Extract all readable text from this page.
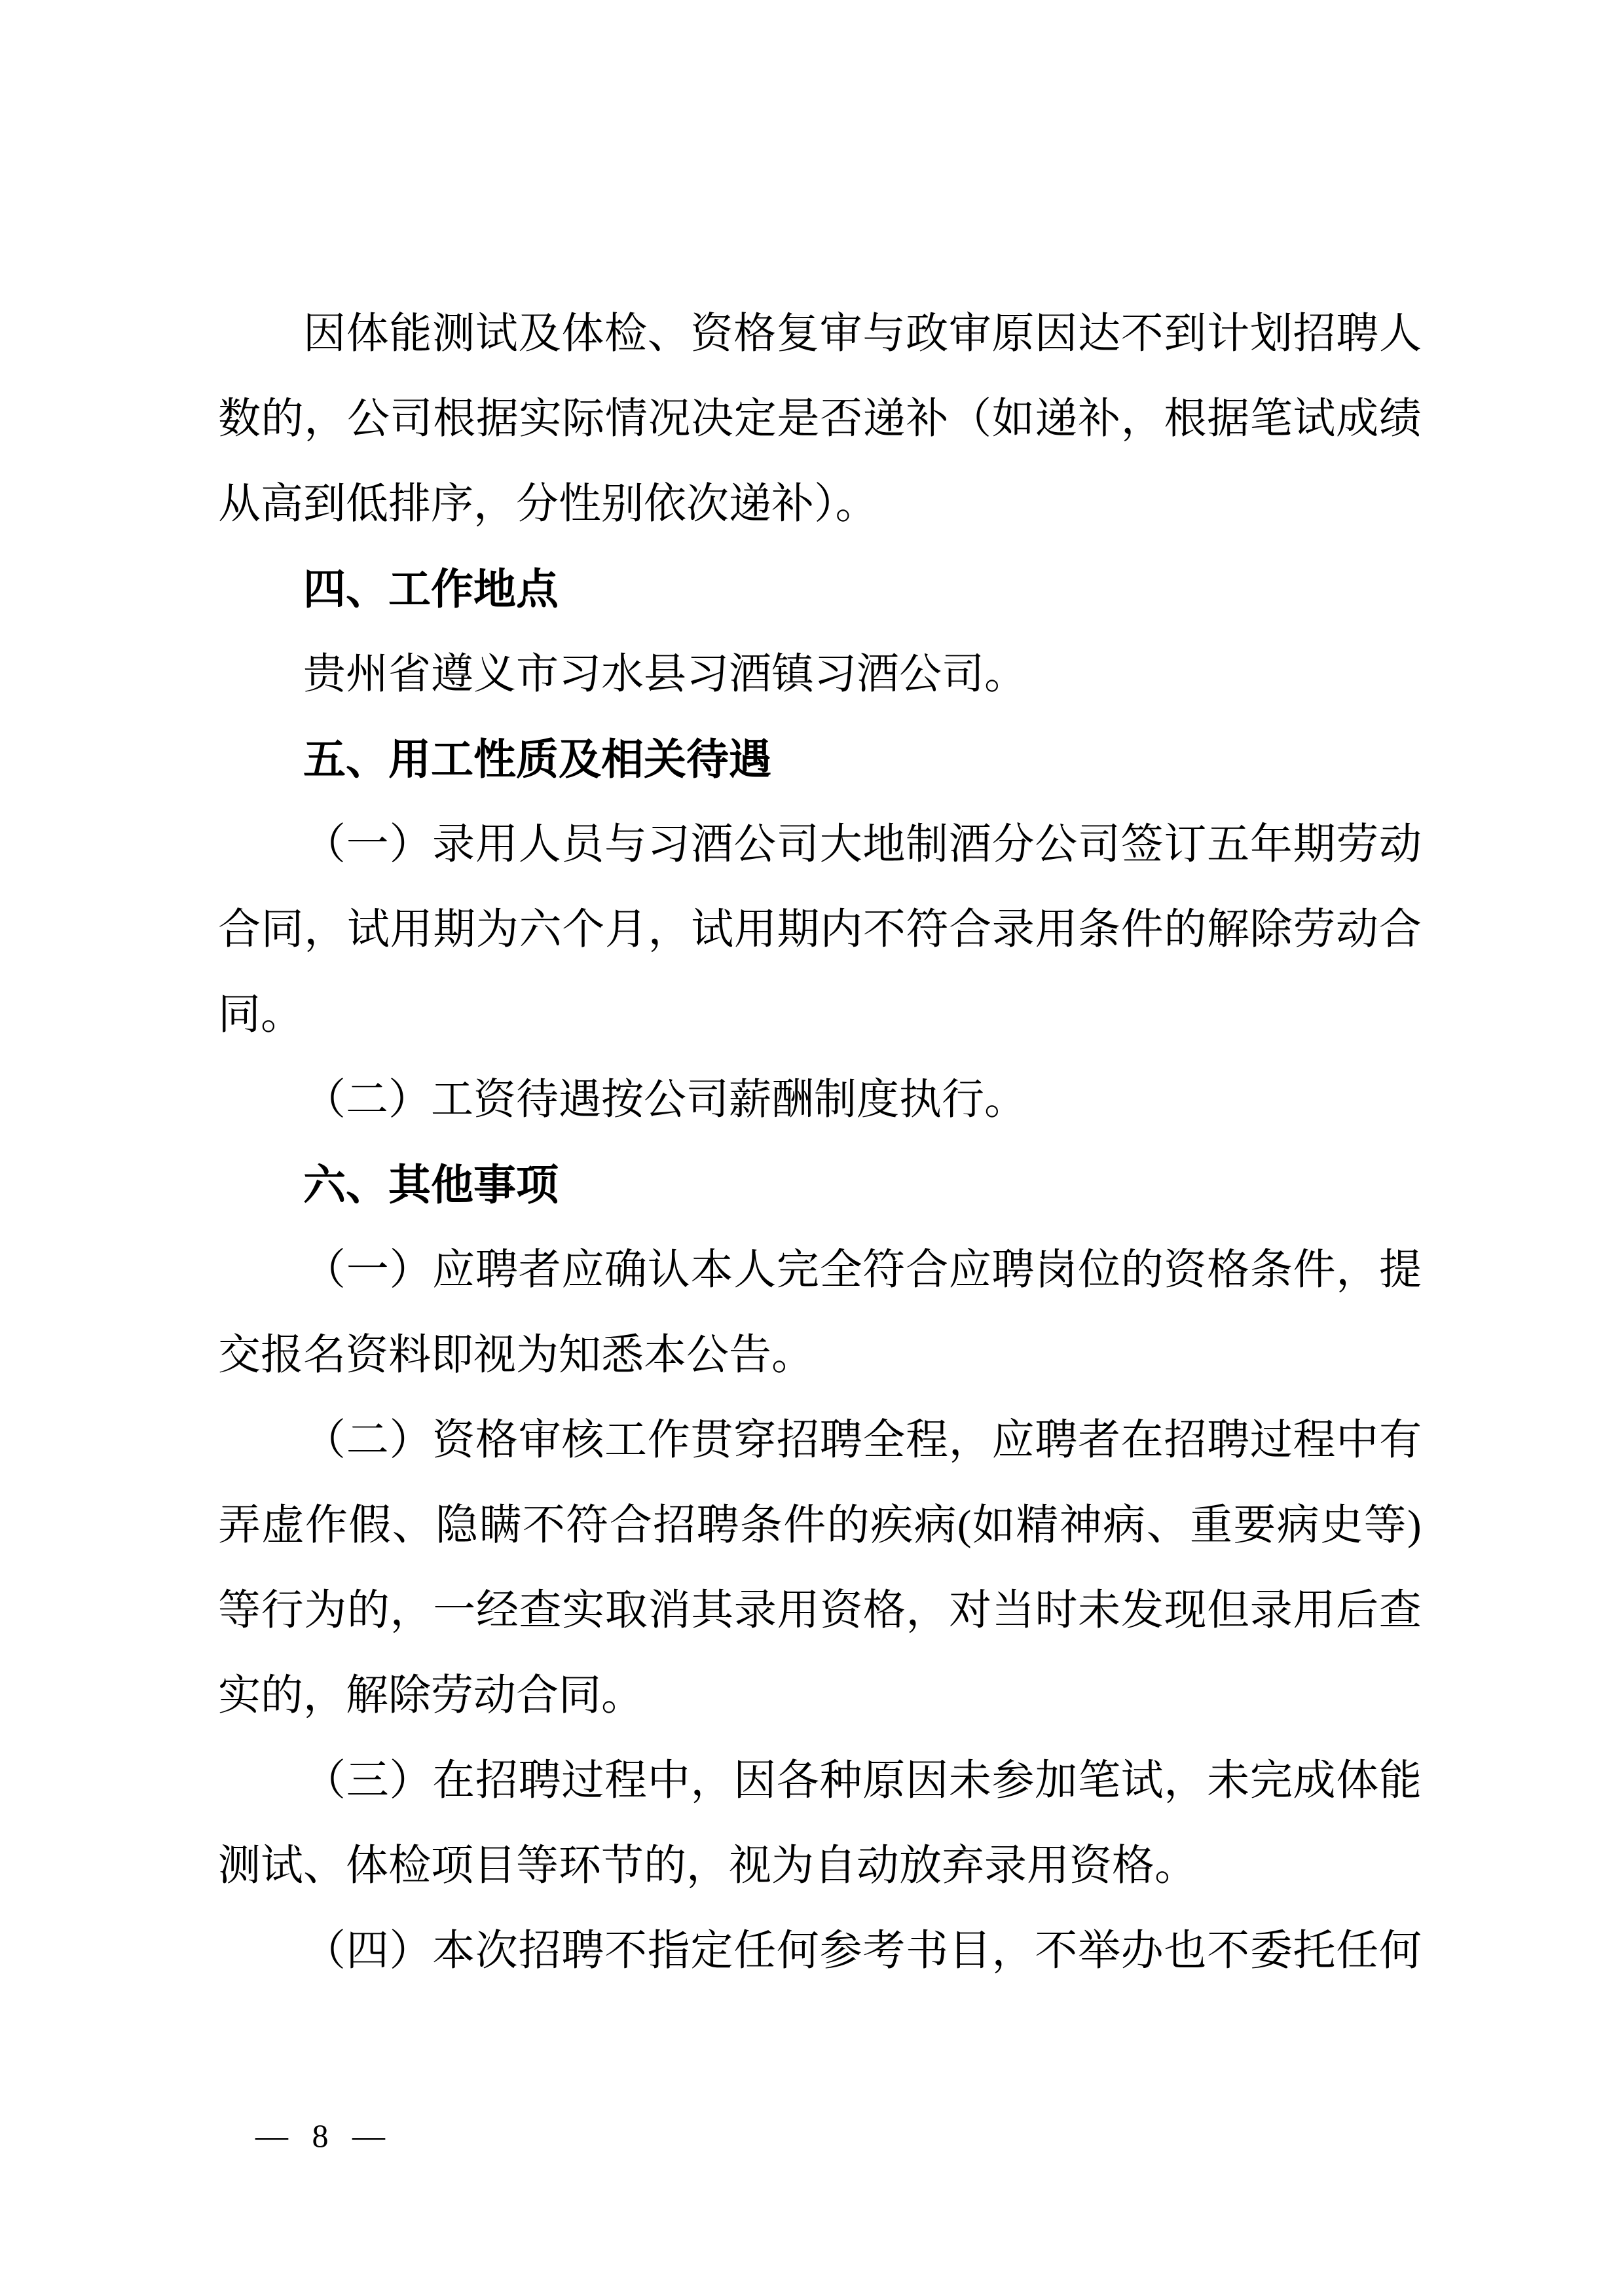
因 体 能 测 试 及 体 检 、 资 格 复 审 与 政 审 原 因 达 不 到 计 划 招 聘 人
数 的 ， 公 司 根 据 实 际 情 况 决 定 是 否 递 补 （ 如 递 补 ， 根 据 笔 试 成 绩
从高到低排序，分性别依次递补）。
四、工作地点
贵州省遵义市习水县习酒镇习酒公司。
五、用工性质及相关待遇
（ 一 ） 录 用 人 员 与 习 酒 公 司 大 地 制 酒 分 公 司 签 订 五 年 期 劳 动
合 同 ， 试 用 期 为 六 个 月 ， 试 用 期 内 不 符 合 录 用 条 件 的 解 除 劳 动 合
同。
（二）工资待遇按公司薪酬制度执行。
六、其他事项
（ 一 ） 应 聘 者 应 确 认 本 人 完 全 符 合 应 聘 岗 位 的 资 格 条 件 ， 提
交报名资料即视为知悉本公告。
（ 二 ） 资 格 审 核 工 作 贯 穿 招 聘 全 程 ， 应 聘 者 在 招 聘 过 程 中 有
弄 虚 作 假 、 隐 瞒 不 符 合 招 聘 条 件 的 疾 病 ( 如 精 神 病 、 重 要 病 史 等 )
等 行 为 的 ， 一 经 查 实 取 消 其 录 用 资 格 ， 对 当 时 未 发 现 但 录 用 后 查
实的，解除劳动合同。
（ 三 ） 在 招 聘 过 程 中 ， 因 各 种 原 因 未 参 加 笔 试 ， 未 完 成 体 能
测试、体检项目等环节的，视为自动放弃录用资格。
（ 四 ） 本 次 招 聘 不 指 定 任 何 参 考 书 目 ， 不 举 办 也 不 委 托 任 何
— 8 —
